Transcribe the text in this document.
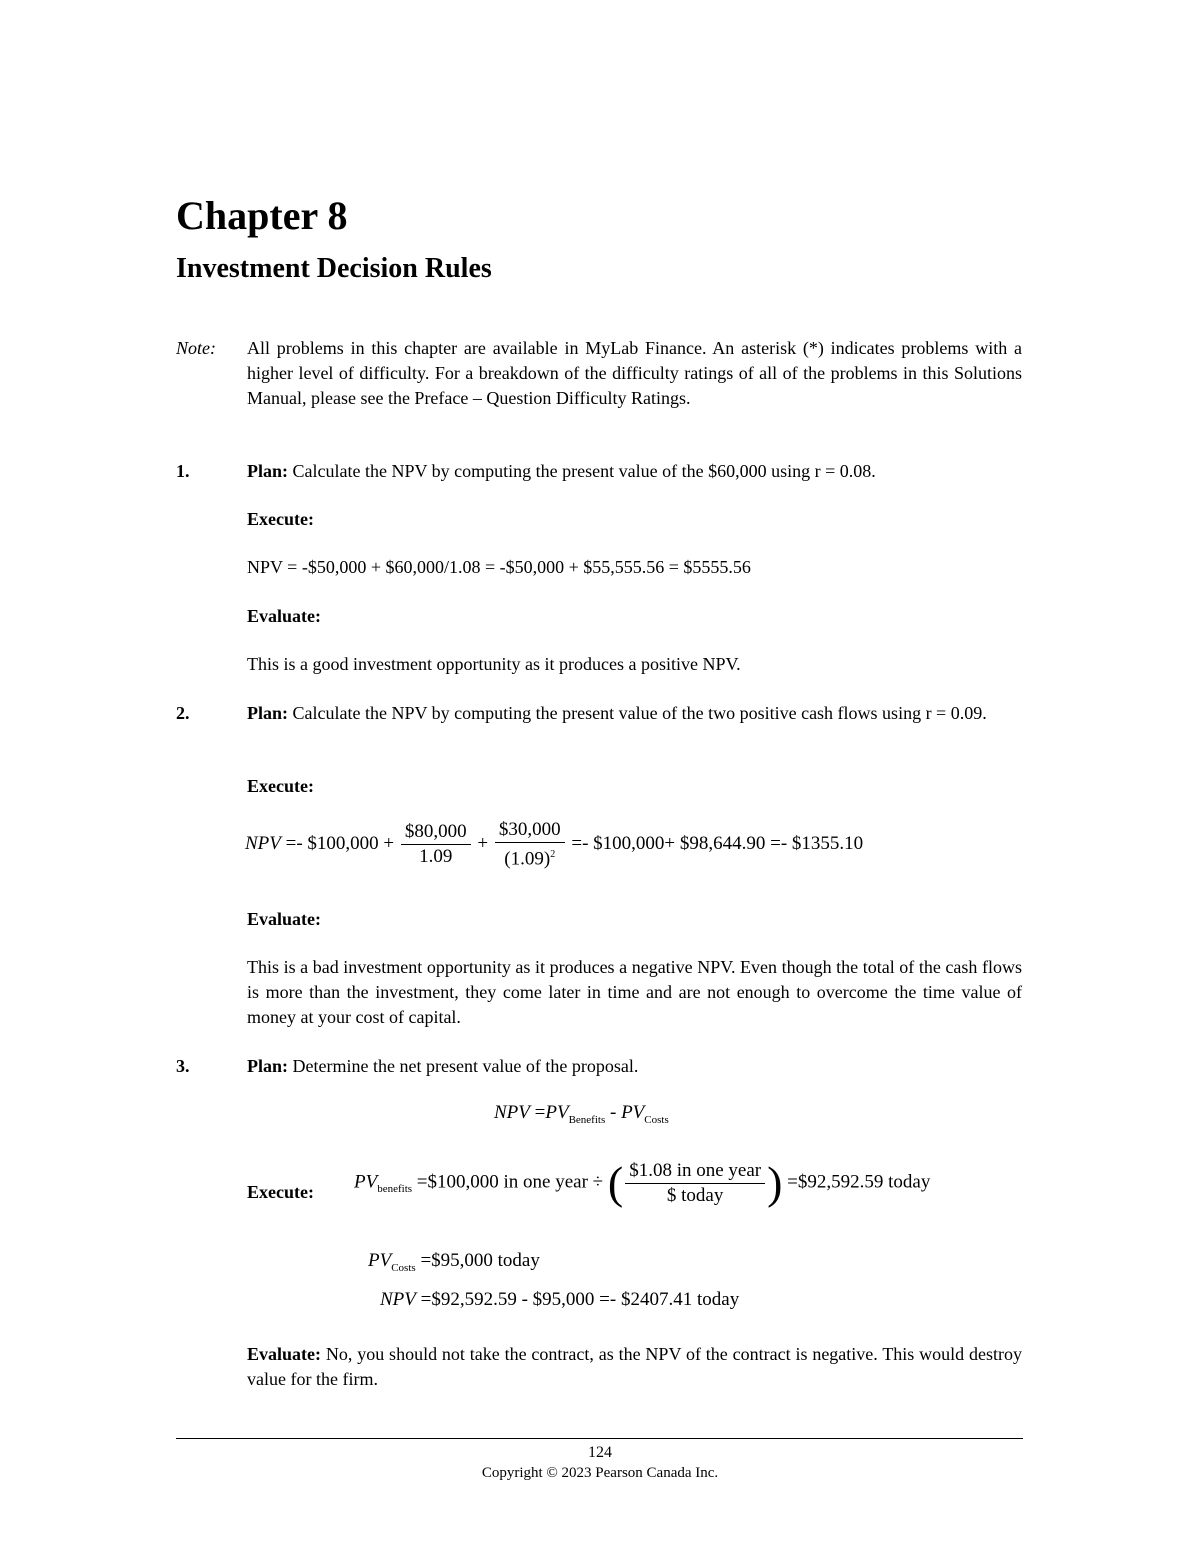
Chapter 8
Investment Decision Rules
Note: All problems in this chapter are available in MyLab Finance. An asterisk (*) indicates problems with a higher level of difficulty. For a breakdown of the difficulty ratings of all of the problems in this Solutions Manual, please see the Preface – Question Difficulty Ratings.
1.	Plan: Calculate the NPV by computing the present value of the $60,000 using r = 0.08.
Execute:
NPV = -$50,000 + $60,000/1.08 = -$50,000 + $55,555.56 = $5555.56
Evaluate:
This is a good investment opportunity as it produces a positive NPV.
2.	Plan: Calculate the NPV by computing the present value of the two positive cash flows using r = 0.09.
Execute:
NPV =- $100,000 + $\frac{\$80,000}{1.09} + \frac{\$30,000}{(1.09)^2}$ =- $100,000+ $98,644.90 =- $1355.10
Evaluate:
This is a bad investment opportunity as it produces a negative NPV. Even though the total of the cash flows is more than the investment, they come later in time and are not enough to overcome the time value of money at your cost of capital.
3.	Plan: Determine the net present value of the proposal.
NPV $=PV_{Benefits} - PV_{Costs}$
Execute: $PV_{benefits}$ =$100,000 in one year ÷ ( $\frac{\text{\$1.08 in one year}}{\text{\$ today}}$ ) =$92,592.59 today
$PV_{Costs}$ =$95,000 today
NPV =$92,592.59 - $95,000 =- $2407.41 today
Evaluate: No, you should not take the contract, as the NPV of the contract is negative. This would destroy value for the firm.
124
Copyright © 2023 Pearson Canada Inc.
